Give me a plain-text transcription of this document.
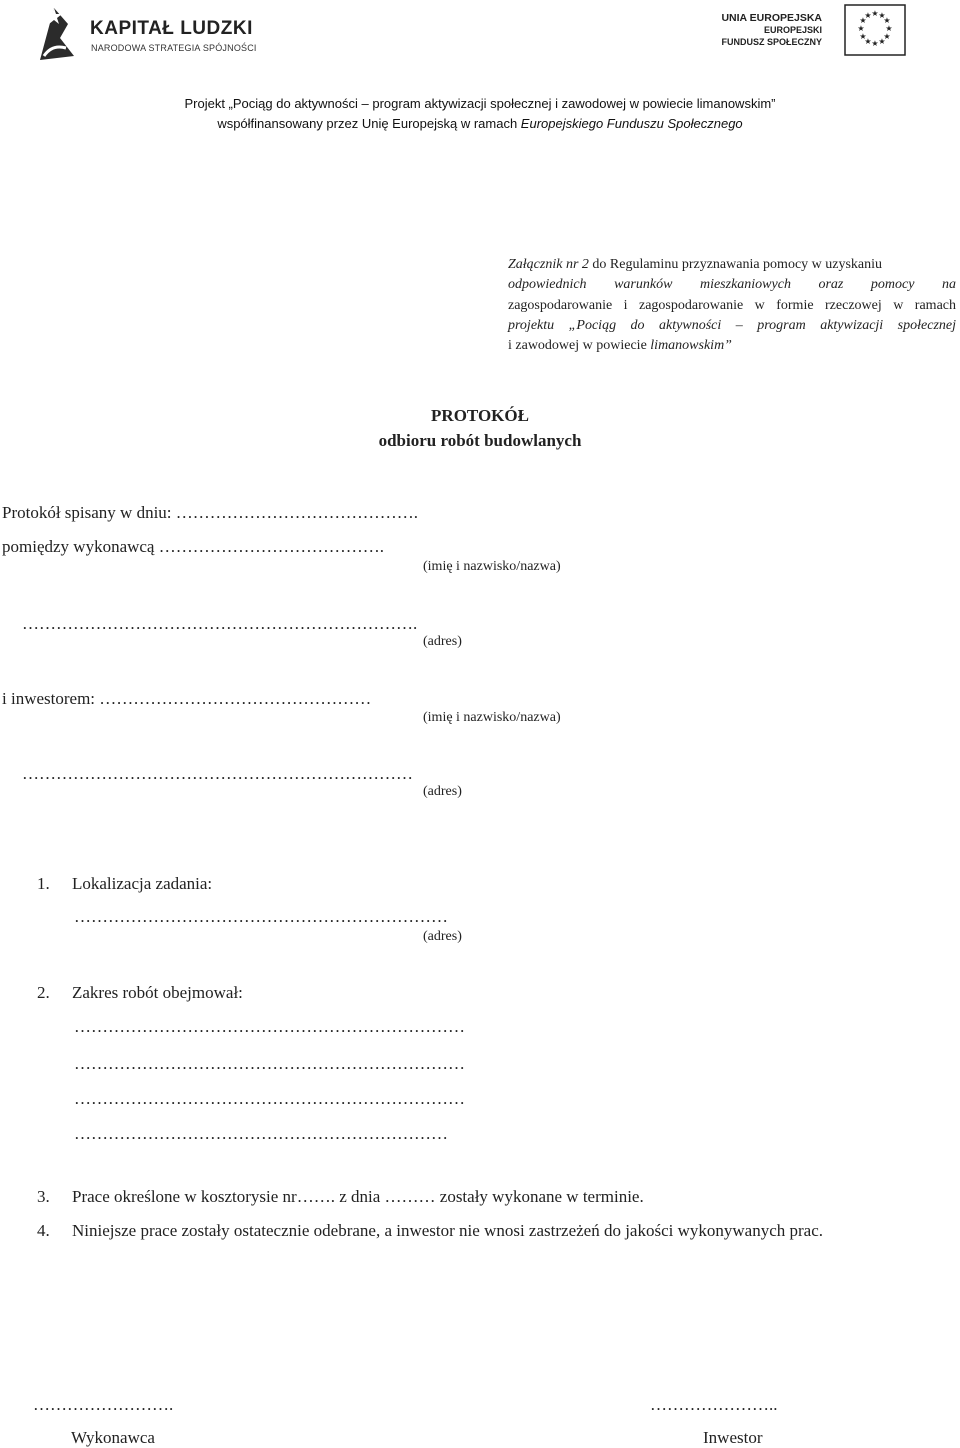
KAPITAŁ LUDZKI
NARODOWA STRATEGIA SPÓJNOŚCI
UNIA EUROPEJSKA
EUROPEJSKI
FUNDUSZ SPOŁECZNY
★ ★
★
★
★
★
★
★
★
★
★
★
Projekt „Pociąg do aktywności – program aktywizacji społecznej i zawodowej w powiecie limanowskim”
współfinansowany przez Unię Europejską w ramach Europejskiego Funduszu Społecznego
Załącznik nr 2 do Regulaminu przyznawania pomocy w uzyskaniu
odpowiednich warunków mieszkaniowych oraz pomocy na
zagospodarowanie i zagospodarowanie w formie rzeczowej w ramach
projektu „Pociąg do aktywności – program aktywizacji społecznej
i zawodowej w powiecie limanowskim”
PROTOKÓŁ
odbioru robót budowlanych
Protokół spisany w dniu: …………………………………….
pomiędzy wykonawcą ………………………………….
(imię i nazwisko/nazwa)
…………………………………………………………….
(adres)
i inwestorem: …………………………………………
(imię i nazwisko/nazwa)
……………………………………………………………
(adres)
1. Lokalizacja zadania:
…………………………………………………………
(adres)
2. Zakres robót obejmował:
……………………………………………………………
……………………………………………………………
……………………………………………………………
…………………………………………………………
3. Prace określone w kosztorysie nr……. z dnia ……… zostały wykonane w terminie.
4. Niniejsze prace zostały ostatecznie odebrane, a inwestor nie wnosi zastrzeżeń do jakości wykonywanych prac.
…………………….
Wykonawca
…………………..
Inwestor
